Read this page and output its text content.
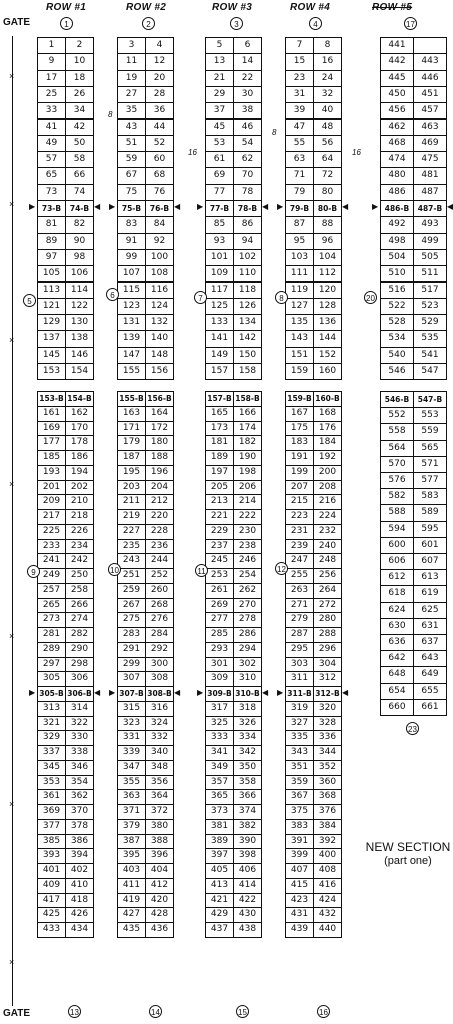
ROW #1	ROW #2	ROW #3	ROW #4	ROW #5
1	2	3	4	17
GATE
GATE
×
×
×
×
×
×
×
1	2
9	10
17	18
25	26
33	34
41	42
49	50
57	58
65	66
73	74
73-B	74-B
81	82
89	90
97	98
105	106
113	114
121	122
129	130
137	138
145	146
153	154
3	4
11	12
19	20
27	28
35	36
43	44
51	52
59	60
67	68
75	76
75-B	76-B
83	84
91	92
99	100
107	108
115	116
123	124
131	132
139	140
147	148
155	156
5	6
13	14
21	22
29	30
37	38
45	46
53	54
61	62
69	70
77	78
77-B	78-B
85	86
93	94
101	102
109	110
117	118
125	126
133	134
141	142
149	150
157	158
7	8
15	16
23	24
31	32
39	40
47	48
55	56
63	64
71	72
79	80
79-B	80-B
87	88
95	96
103	104
111	112
119	120
127	128
135	136
143	144
151	152
159	160
153-B 154-B
161	162
169	170
177	178
185	186
193	194
201	202
209	210
217	218
225	226
233	234
241	242
249	250
257	258
265	266
273	274
281	282
289	290
297	298
305	306
305-B 306-B
313	314
321	322
329	330
337	338
345	346
353	354
361	362
369	370
377	378
385	386
393	394
401	402
409	410
417	418
425	426
433	434
155-B 156-B
163	164
171	172
179	180
187	188
195	196
203	204
211	212
219	220
227	228
235	236
243	244
251	252
259	260
267	268
275	276
283	284
291	292
299	300
307	308
307-B 308-B
315	316
323	324
331	332
339	340
347	348
355	356
363	364
371	372
379	380
387	388
395	396
403	404
411	412
419	420
427	428
435	436
157-B 158-B
165	166
173	174
181	182
189	190
197	198
205	206
213	214
221	222
229	230
237	238
245	246
253	254
261	262
269	270
277	278
285	286
293	294
301	302
309	310
309-B 310-B
317	318
325	326
333	334
341	342
349	350
357	358
365	366
373	374
381	382
389	390
397	398
405	406
413	414
421	422
429	430
437	438
159-B 160-B
167	168
175	176
183	184
191	192
199	200
207	208
215	216
223	224
231	232
239	240
247	248
255	256
263	264
271	272
279	280
287	288
295	296
303	304
311	312
311-B 312-B
319	320
327	328
335	336
343	344
351	352
359	360
367	368
375	376
383	384
391	392
399	400
407	408
415	416
423	424
431	432
439	440
441
442	443
445	446
450	451
456	457
462	463
468	469
474	475
480	481
486	487
486-B	487-B
492	493
498	499
504	505
510	511
516	517
522	523
528	529
534	535
540	541
546	547
546-B	547-B
552	553
558	559
564	565
570	571
576	577
582	583
588	589
594	595
600	601
606	607
612	613
618	619
624	625
630	631
636	637
642	643
648	649
654	655
660	661
8
16
8
16
5
6	7	8	20
9	10	11	12
13	14	15	16
23
NEW SECTION
(part one)
▶	◀ ▶	◀ ▶	◀ ▶	◀
▶	◀ ▶	◀ ▶	◀ ▶	◀
▶	◀
